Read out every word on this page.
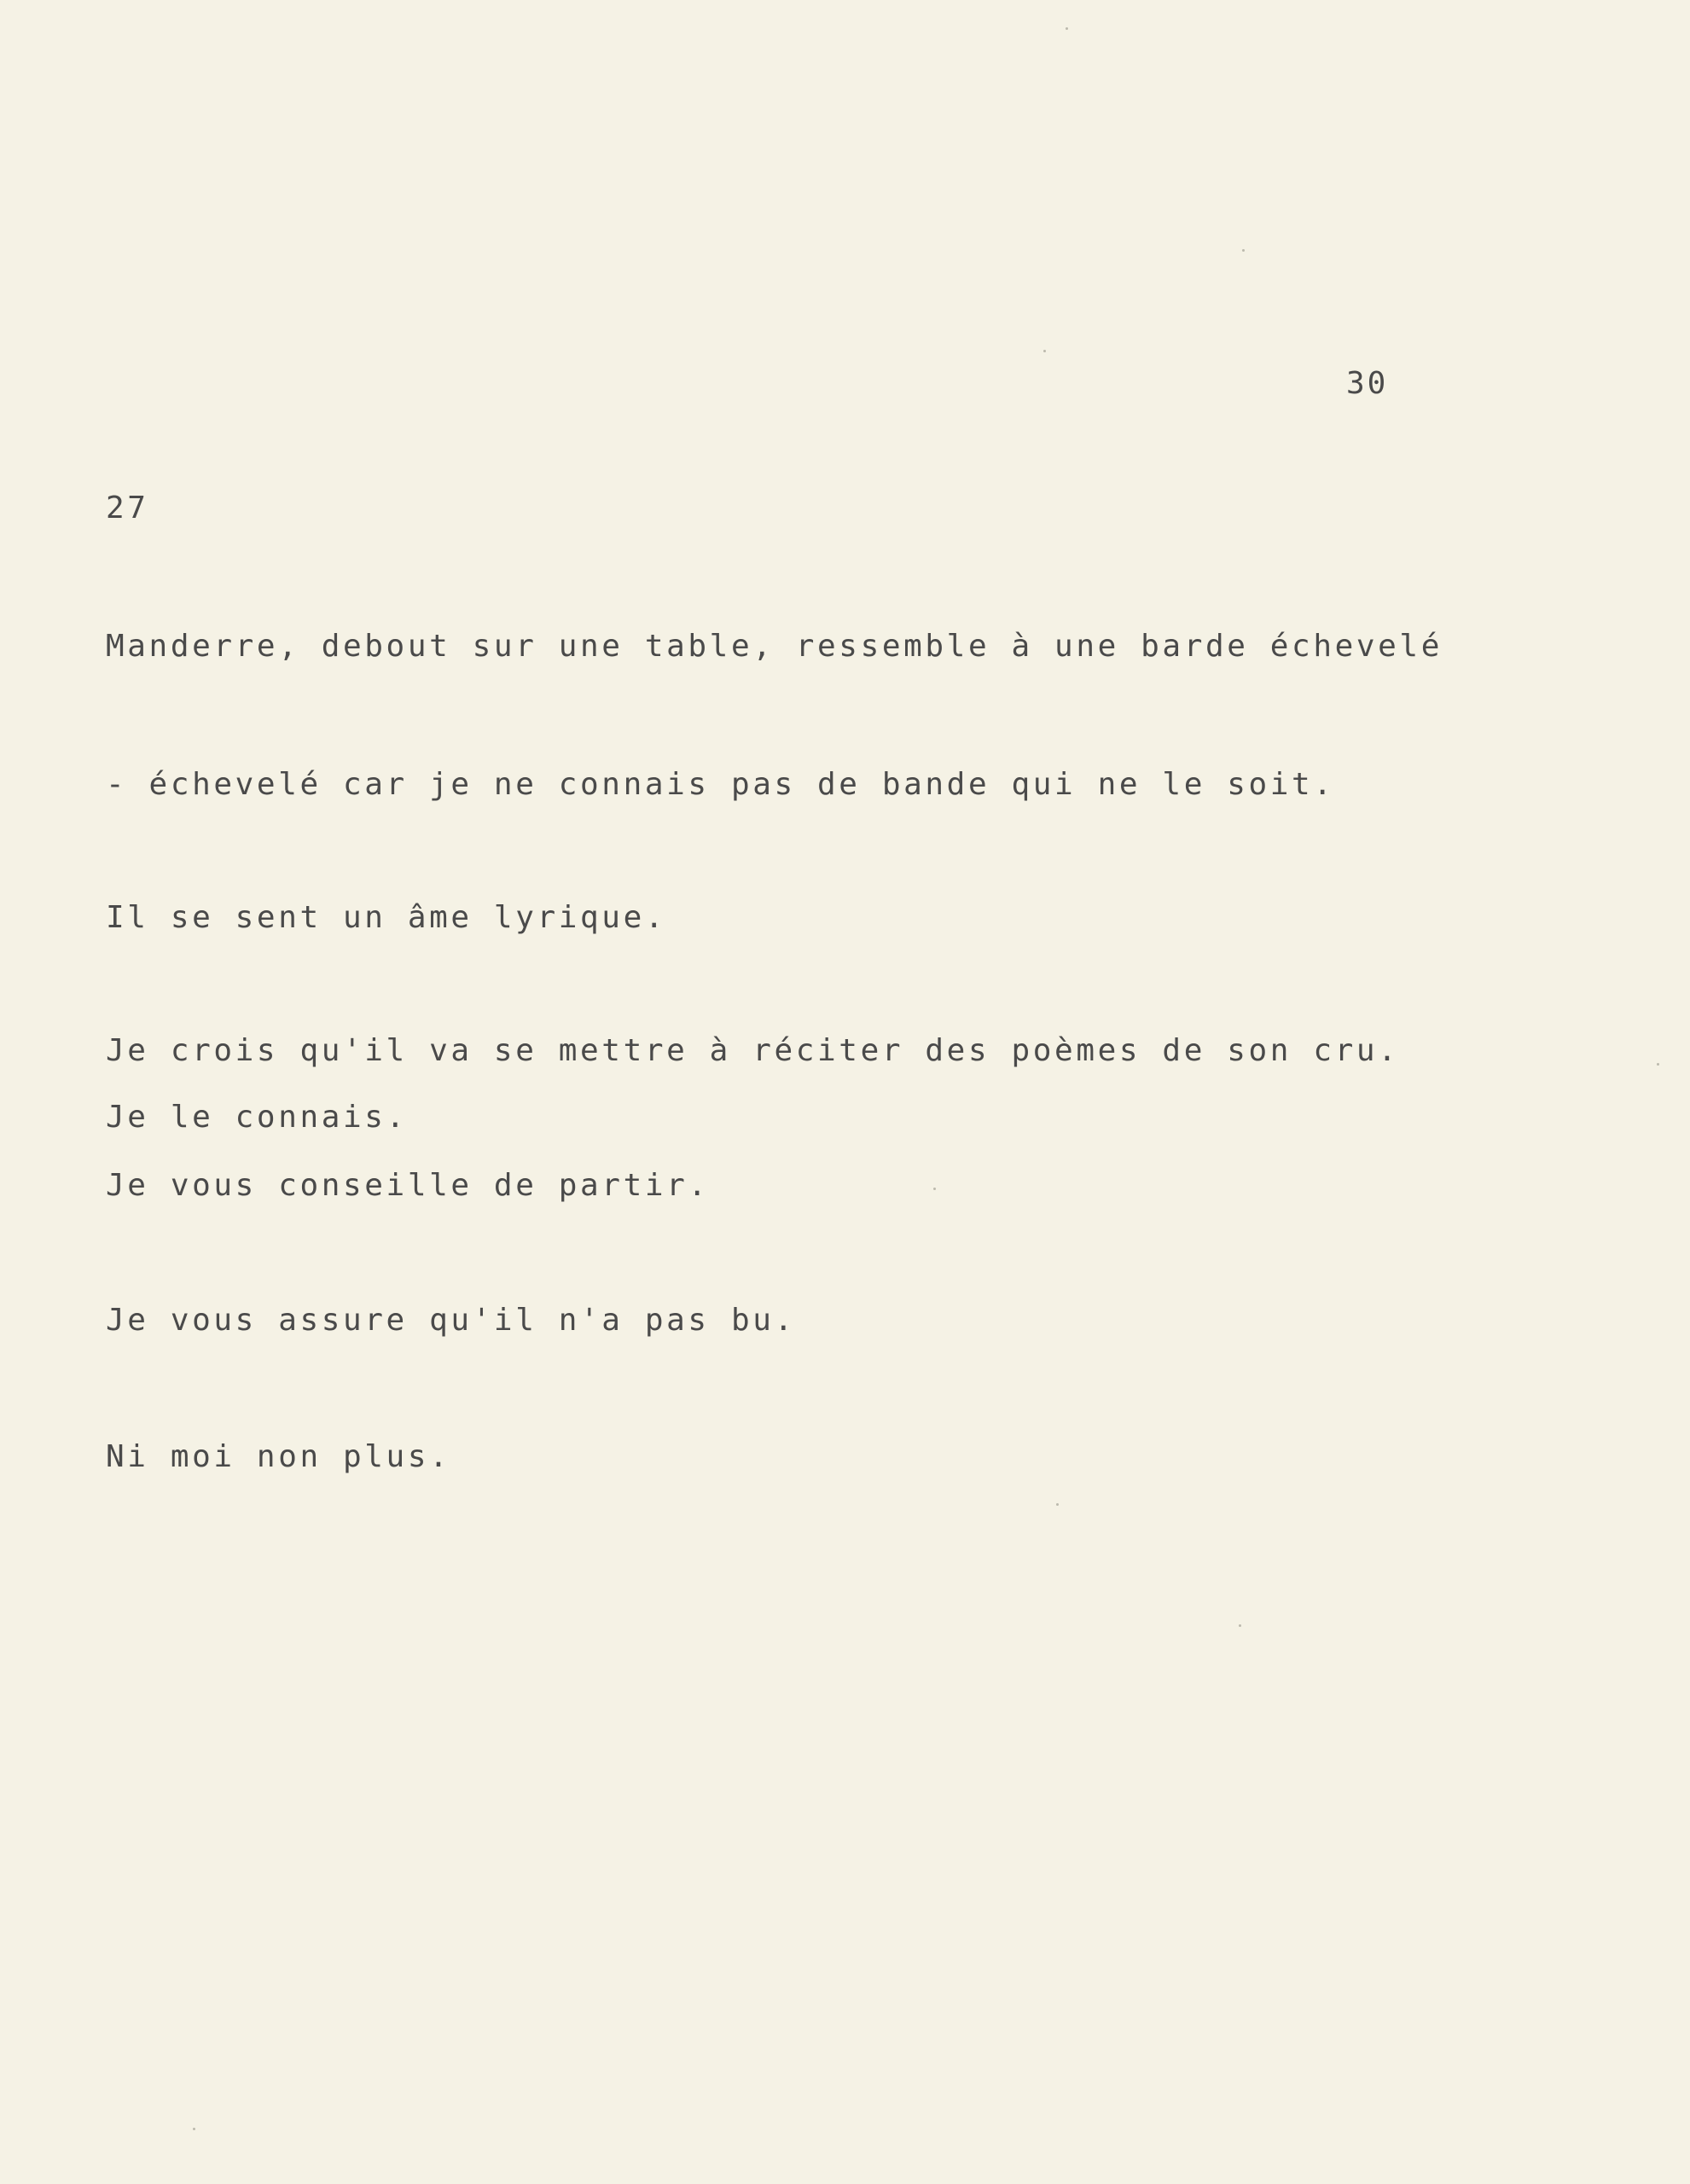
30

27

Manderre, debout sur une table, ressemble à une barde échevelé

- échevelé car je ne connais pas de bande qui ne le soit.

Il se sent un âme lyrique.

Je crois qu'il va se mettre à réciter des poèmes de son cru.

Je le connais.

Je vous conseille de partir.

Je vous assure qu'il n'a pas bu.

Ni moi non plus.
